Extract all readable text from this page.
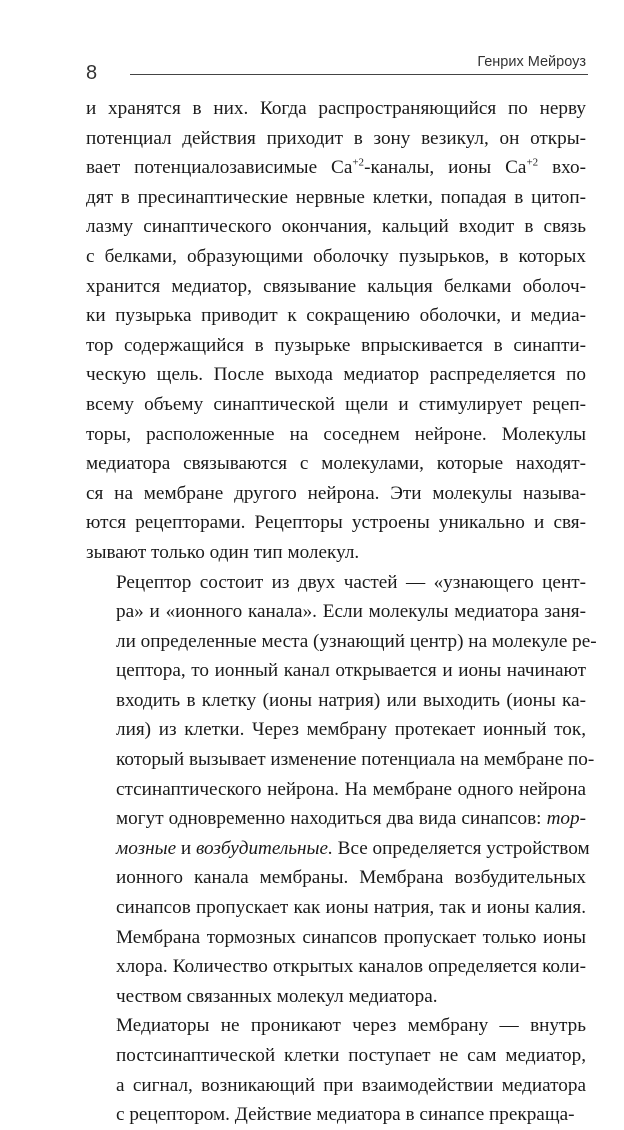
8	Генрих Мейроуз
и хранятся в них. Когда распространяющийся по нерву
потенциал действия приходит в зону везикул, он откры-
вает потенциалозависимые $Ca^{+2}$-каналы, ионы $Ca^{+2}$ вхо-
дят в пресинаптические нервные клетки, попадая в цитоп-
лазму синаптического окончания, кальций входит в связь
с белками, образующими оболочку пузырьков, в которых
хранится медиатор, связывание кальция белками оболоч-
ки пузырька приводит к сокращению оболочки, и медиа-
тор содержащийся в пузырьке впрыскивается в синапти-
ческую щель. После выхода медиатор распределяется по
всему объему синаптической щели и стимулирует рецеп-
торы, расположенные на соседнем нейроне. Молекулы
медиатора связываются с молекулами, которые находят-
ся на мембране другого нейрона. Эти молекулы называ-
ются рецепторами. Рецепторы устроены уникально и свя-
зывают только один тип молекул.
Рецептор состоит из двух частей — «узнающего цент-
ра» и «ионного канала». Если молекулы медиатора заня-
ли определенные места (узнающий центр) на молекуле ре-
цептора, то ионный канал открывается и ионы начинают
входить в клетку (ионы натрия) или выходить (ионы ка-
лия) из клетки. Через мембрану протекает ионный ток,
который вызывает изменение потенциала на мембране по-
стсинаптического нейрона. На мембране одного нейрона
могут одновременно находиться два вида синапсов: тор-
мозные и возбудительные. Все определяется устройством
ионного канала мембраны. Мембрана возбудительных
синапсов пропускает как ионы натрия, так и ионы калия.
Мембрана тормозных синапсов пропускает только ионы
хлора. Количество открытых каналов определяется коли-
чеством связанных молекул медиатора.
Медиаторы не проникают через мембрану — внутрь
постсинаптической клетки поступает не сам медиатор,
а сигнал, возникающий при взаимодействии медиатора
с рецептором. Действие медиатора в синапсе прекраща-
